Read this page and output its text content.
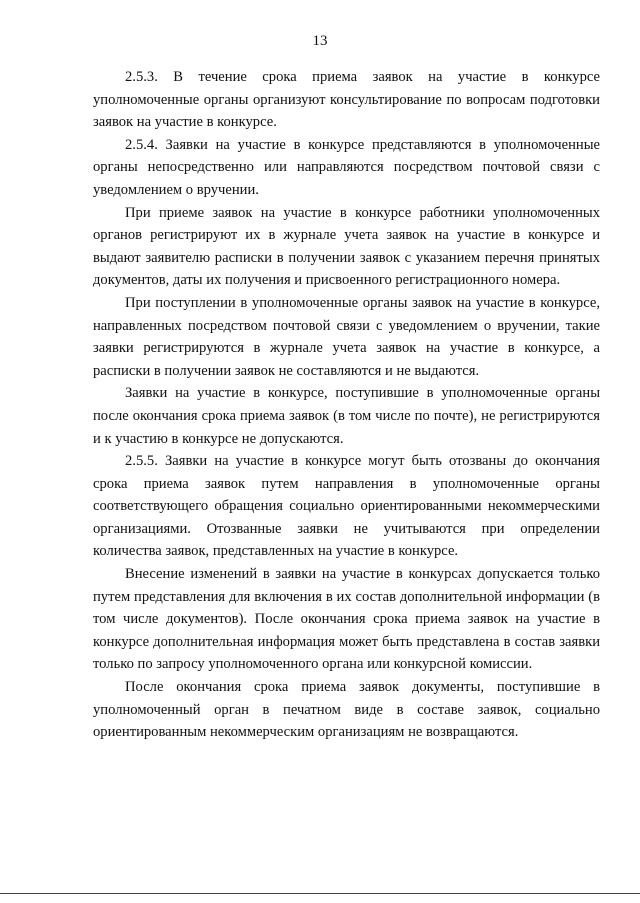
13

2.5.3. В течение срока приема заявок на участие в конкурсе уполномоченные органы организуют консультирование по вопросам подготовки заявок на участие в конкурсе.

2.5.4. Заявки на участие в конкурсе представляются в уполномоченные органы непосредственно или направляются посредством почтовой связи с уведомлением о вручении.

При приеме заявок на участие в конкурсе работники уполномоченных органов регистрируют их в журнале учета заявок на участие в конкурсе и выдают заявителю расписки в получении заявок с указанием перечня принятых документов, даты их получения и присвоенного регистрационного номера.

При поступлении в уполномоченные органы заявок на участие в конкурсе, направленных посредством почтовой связи с уведомлением о вручении, такие заявки регистрируются в журнале учета заявок на участие в конкурсе, а расписки в получении заявок не составляются и не выдаются.

Заявки на участие в конкурсе, поступившие в уполномоченные органы после окончания срока приема заявок (в том числе по почте), не регистрируются и к участию в конкурсе не допускаются.

2.5.5. Заявки на участие в конкурсе могут быть отозваны до окончания срока приема заявок путем направления в уполномоченные органы соответствующего обращения социально ориентированными некоммерческими организациями. Отозванные заявки не учитываются при определении количества заявок, представленных на участие в конкурсе.

Внесение изменений в заявки на участие в конкурсах допускается только путем представления для включения в их состав дополнительной информации (в том числе документов). После окончания срока приема заявок на участие в конкурсе дополнительная информация может быть представлена в состав заявки только по запросу уполномоченного органа или конкурсной комиссии.

После окончания срока приема заявок документы, поступившие в уполномоченный орган в печатном виде в составе заявок, социально ориентированным некоммерческим организациям не возвращаются.
